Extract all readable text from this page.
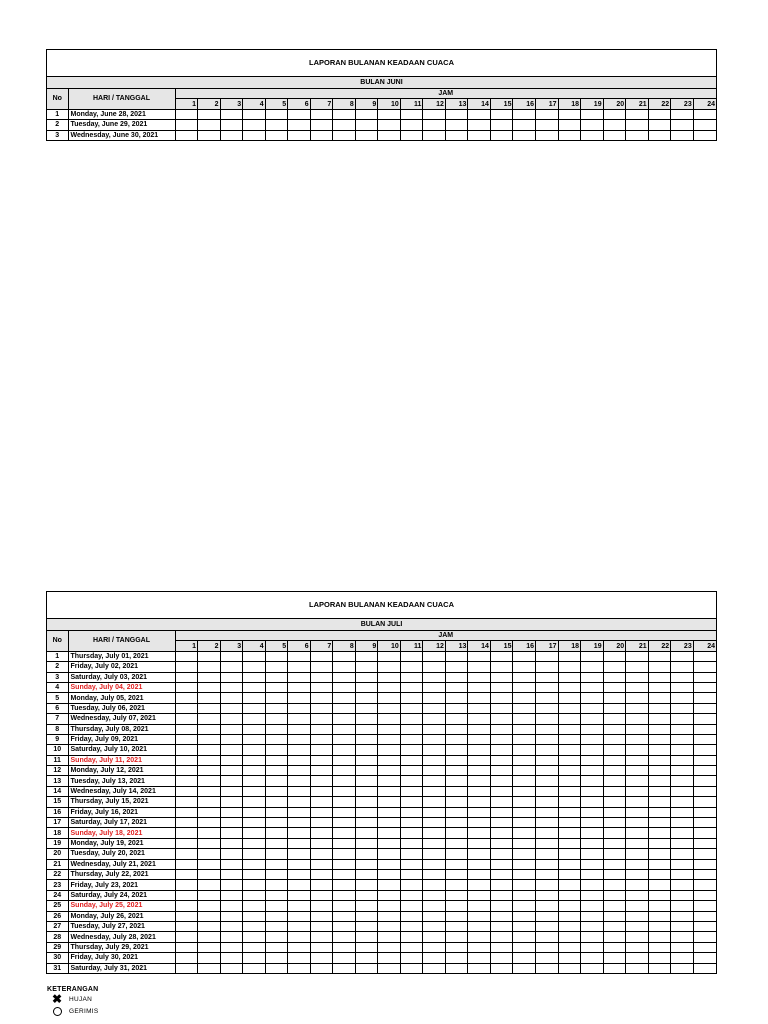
LAPORAN BULANAN KEADAAN CUACA
BULAN JUNI
No	HARI / TANGGAL	JAM																							
		1	2	3	4	5	6	7	8	9	10	11	12	13	14	15	16	17	18	19	20	21	22	23	24
1	Monday, June 28, 2021																								
2	Tuesday, June 29, 2021																								
3	Wednesday, June 30, 2021																								
LAPORAN BULANAN KEADAAN CUACA
BULAN JULI
No	HARI / TANGGAL	JAM																							
		1	2	3	4	5	6	7	8	9	10	11	12	13	14	15	16	17	18	19	20	21	22	23	24
1	Thursday, July 01, 2021																								
2	Friday, July 02, 2021																								
3	Saturday, July 03, 2021																								
4	Sunday, July 04, 2021																								
5	Monday, July 05, 2021																								
6	Tuesday, July 06, 2021																								
7	Wednesday, July 07, 2021																								
8	Thursday, July 08, 2021																								
9	Friday, July 09, 2021																								
10	Saturday, July 10, 2021																								
11	Sunday, July 11, 2021																								
12	Monday, July 12, 2021																								
13	Tuesday, July 13, 2021																								
14	Wednesday, July 14, 2021																								
15	Thursday, July 15, 2021																								
16	Friday, July 16, 2021																								
17	Saturday, July 17, 2021																								
18	Sunday, July 18, 2021																								
19	Monday, July 19, 2021																								
20	Tuesday, July 20, 2021																								
21	Wednesday, July 21, 2021																								
22	Thursday, July 22, 2021																								
23	Friday, July 23, 2021																								
24	Saturday, July 24, 2021																								
25	Sunday, July 25, 2021																								
26	Monday, July 26, 2021																								
27	Tuesday, July 27, 2021																								
28	Wednesday, July 28, 2021																								
29	Thursday, July 29, 2021																								
30	Friday, July 30, 2021																								
31	Saturday, July 31, 2021																								
KETERANGAN
✖ HUJAN
GERIMIS
